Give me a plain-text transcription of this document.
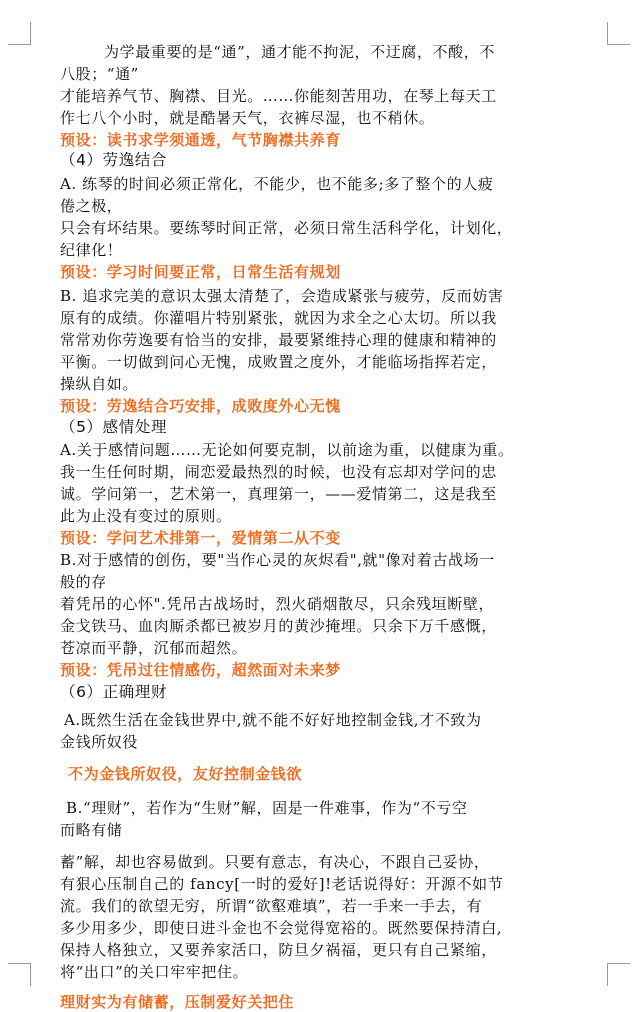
为学最重要的是“通”，通才能不拘泥，不迂腐，不酸，不
八股；“通”
才能培养气节、胸襟、目光。……你能刻苦用功，在琴上每天工
作七八个小时，就是酷暑天气，衣裤尽湿，也不稍休。
预设：读书求学须通透，气节胸襟共养育
（4）劳逸结合
A. 练琴的时间必须正常化，不能少，也不能多;多了整个的人疲
倦之极，
只会有坏结果。要练琴时间正常，必须日常生活科学化，计划化，
纪律化！
预设：学习时间要正常，日常生活有规划
B. 追求完美的意识太强太清楚了，会造成紧张与疲劳，反而妨害
原有的成绩。你灌唱片特别紧张，就因为求全之心太切。所以我
常常劝你劳逸要有恰当的安排，最要紧维持心理的健康和精神的
平衡。一切做到问心无愧，成败置之度外，才能临场指挥若定，
操纵自如。
预设：劳逸结合巧安排，成败度外心无愧
（5）感情处理
A.关于感情问题……无论如何要克制，以前途为重，以健康为重。
我一生任何时期，闹恋爱最热烈的时候，也没有忘却对学问的忠
诚。学问第一，艺术第一，真理第一，——爱情第二，这是我至
此为止没有变过的原则。
预设：学问艺术排第一，爱情第二从不变
B.对于感情的创伤，要"当作心灵的灰烬看",就"像对着古战场一
般的存
着凭吊的心怀".凭吊古战场时，烈火硝烟散尽，只余残垣断壁，
金戈铁马、血肉厮杀都已被岁月的黄沙掩埋。只余下万千感慨，
苍凉而平静，沉郁而超然。
预设：凭吊过往情感伤，超然面对未来梦
（6）正确理财
A.既然生活在金钱世界中,就不能不好好地控制金钱,才不致为
金钱所奴役
不为金钱所奴役，友好控制金钱欲
B.“理财”，若作为“生财”解，固是一件难事，作为“不亏空
而略有储
蓄”解，却也容易做到。只要有意志，有决心，不跟自己妥协，
有狠心压制自己的 fancy[一时的爱好]!老话说得好：开源不如节
流。我们的欲望无穷，所谓“欲壑难填”，若一手来一手去，有
多少用多少，即使日进斗金也不会觉得宽裕的。既然要保持清白,
保持人格独立，又要养家活口，防旦夕祸福，更只有自己紧缩，
将“出口”的关口牢牢把住。
理财实为有储蓄，压制爱好关把住
